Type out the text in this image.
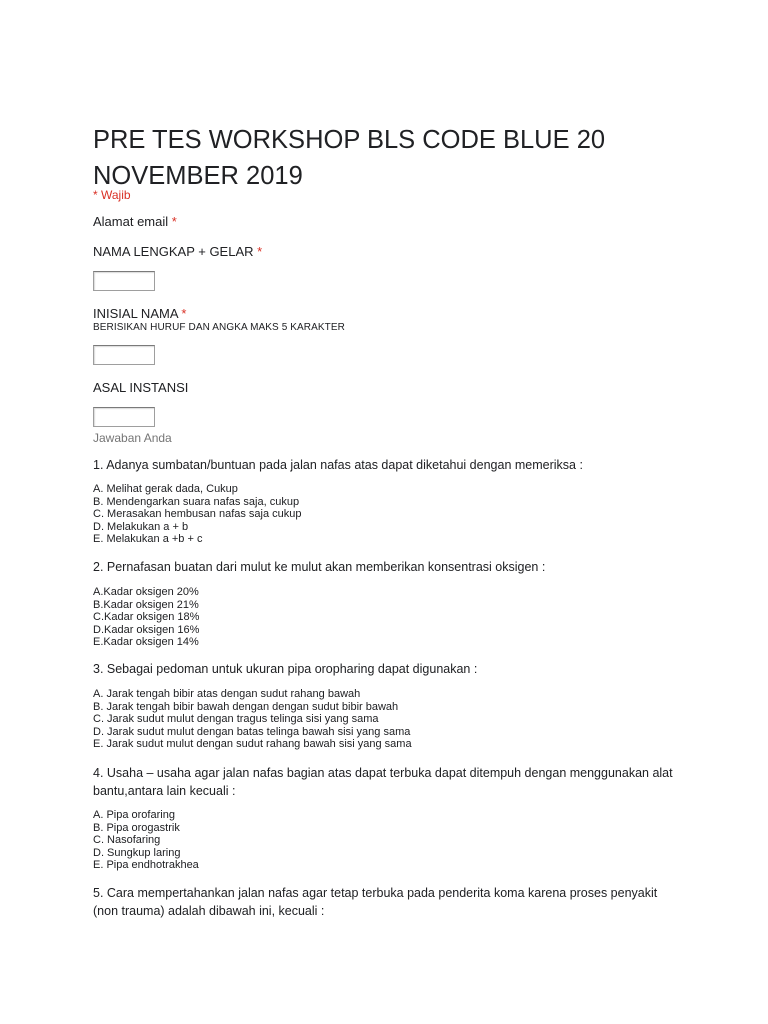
PRE TES WORKSHOP BLS CODE BLUE 20 NOVEMBER 2019
* Wajib
Alamat email *
NAMA LENGKAP + GELAR *
INISIAL NAMA *
BERISIKAN HURUF DAN ANGKA MAKS 5 KARAKTER
ASAL INSTANSI
Jawaban Anda
1. Adanya sumbatan/buntuan pada jalan nafas atas dapat diketahui dengan memeriksa :
A. Melihat gerak dada, Cukup
B. Mendengarkan suara nafas saja, cukup
C. Merasakan hembusan nafas saja cukup
D. Melakukan a + b
E. Melakukan a +b + c
2. Pernafasan buatan dari mulut ke mulut akan memberikan konsentrasi oksigen :
A.Kadar oksigen 20%
B.Kadar oksigen 21%
C.Kadar oksigen 18%
D.Kadar oksigen 16%
E.Kadar oksigen 14%
3. Sebagai pedoman untuk ukuran pipa oropharing dapat digunakan :
A. Jarak tengah bibir atas dengan sudut rahang bawah
B. Jarak tengah bibir bawah dengan dengan sudut bibir bawah
C. Jarak sudut mulut dengan tragus telinga sisi yang sama
D. Jarak sudut mulut dengan batas telinga bawah sisi yang sama
E. Jarak sudut mulut dengan sudut rahang bawah sisi yang sama
4. Usaha – usaha agar jalan nafas bagian atas dapat terbuka dapat ditempuh dengan menggunakan alat bantu,antara lain kecuali :
A. Pipa orofaring
B. Pipa orogastrik
C. Nasofaring
D. Sungkup laring
E. Pipa endhotrakhea
5. Cara mempertahankan jalan nafas agar tetap terbuka pada penderita koma karena proses penyakit (non trauma) adalah dibawah ini, kecuali :
